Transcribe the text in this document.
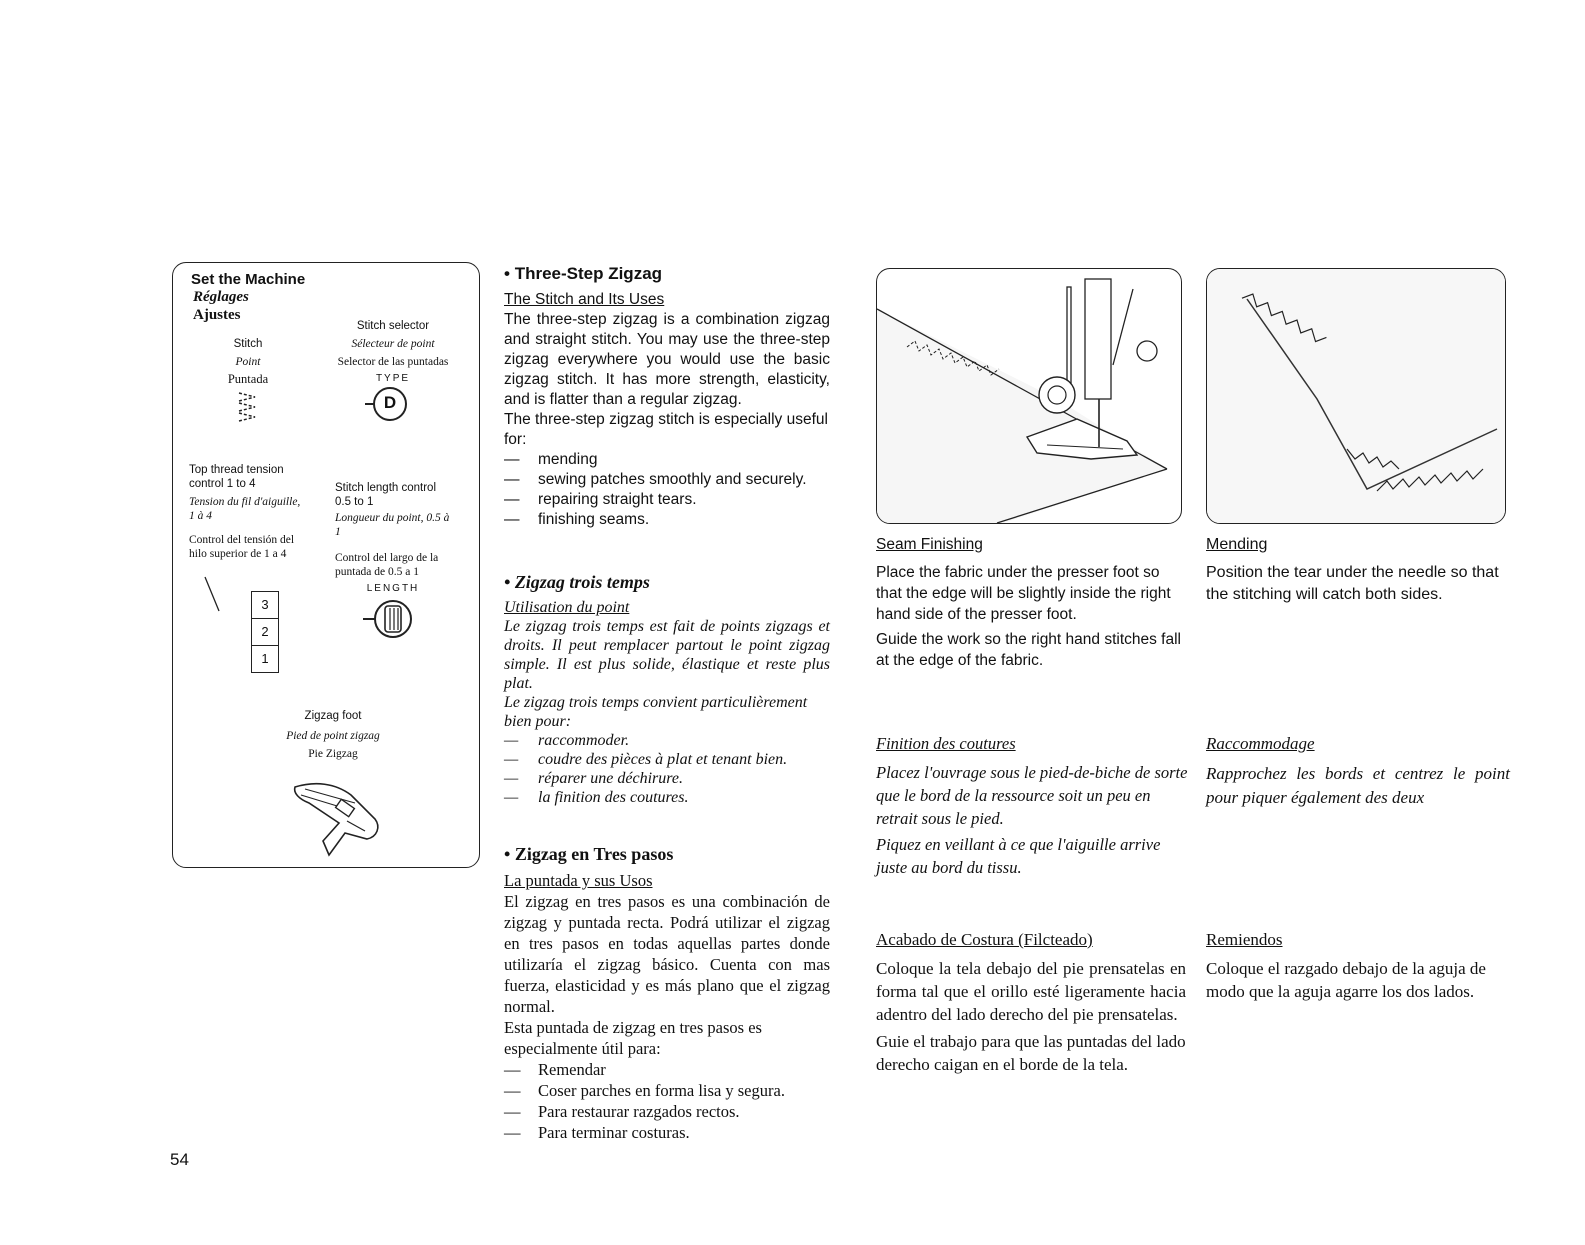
Set the Machine
Réglages
Ajustes
Stitch
Point
Puntada
Stitch selector
Sélecteur de point
Selector de las puntadas
TYPE
D
Top thread tension control 1 to 4
Tension du fil d'aiguille, 1 à 4
Control del tensión del hilo superior de 1 a 4
3
2
1
Stitch length control 0.5 to 1
Longueur du point, 0.5 à 1
Control del largo de la puntada de 0.5 a 1
LENGTH
Zigzag foot
Pied de point zigzag
Pie Zigzag
• Three-Step Zigzag
The Stitch and Its Uses

The three-step zigzag is a combination zigzag and straight stitch. You may use the three-step zigzag everywhere you would use the basic zigzag stitch. It has more strength, elasticity, and is flatter than a regular zigzag.

The three-step zigzag stitch is especially useful for:

— mending
— sewing patches smoothly and securely.
— repairing straight tears.
— finishing seams.
• Zigzag trois temps
Utilisation du point

Le zigzag trois temps est fait de points zigzags et droits. Il peut remplacer partout le point zigzag simple. Il est plus solide, élastique et reste plus plat.

Le zigzag trois temps convient particulièrement bien pour:

— raccommoder.
— coudre des pièces à plat et tenant bien.
— réparer une déchirure.
— la finition des coutures.
• Zigzag en Tres pasos
La puntada y sus Usos

El zigzag en tres pasos es una combinación de zigzag y puntada recta. Podrá utilizar el zigzag en tres pasos en todas aquellas partes donde utilizaría el zigzag básico. Cuenta con mas fuerza, elasticidad y es más plano que el zigzag normal.

Esta puntada de zigzag en tres pasos es especialmente útil para:

— Remendar
— Coser parches en forma lisa y segura.
— Para restaurar razgados rectos.
— Para terminar costuras.
Seam Finishing

Place the fabric under the presser foot so that the edge will be slightly inside the right hand side of the presser foot.

Guide the work so the right hand stitches fall at the edge of the fabric.

Finition des coutures

Placez l'ouvrage sous le pied-de-biche de sorte que le bord de la ressource soit un peu en retrait sous le pied.

Piquez en veillant à ce que l'aiguille arrive juste au bord du tissu.

Acabado de Costura (Filcteado)

Coloque la tela debajo del pie prensatelas en forma tal que el orillo esté ligeramente hacia adentro del lado derecho del pie prensatelas.

Guie el trabajo para que las puntadas del lado derecho caigan en el borde de la tela.

Mending

Position the tear under the needle so that the stitching will catch both sides.

Raccommodage

Rapprochez les bords et centrez le point pour piquer également des deux

Remiendos

Coloque el razgado debajo de la aguja de modo que la aguja agarre los dos lados.

54
